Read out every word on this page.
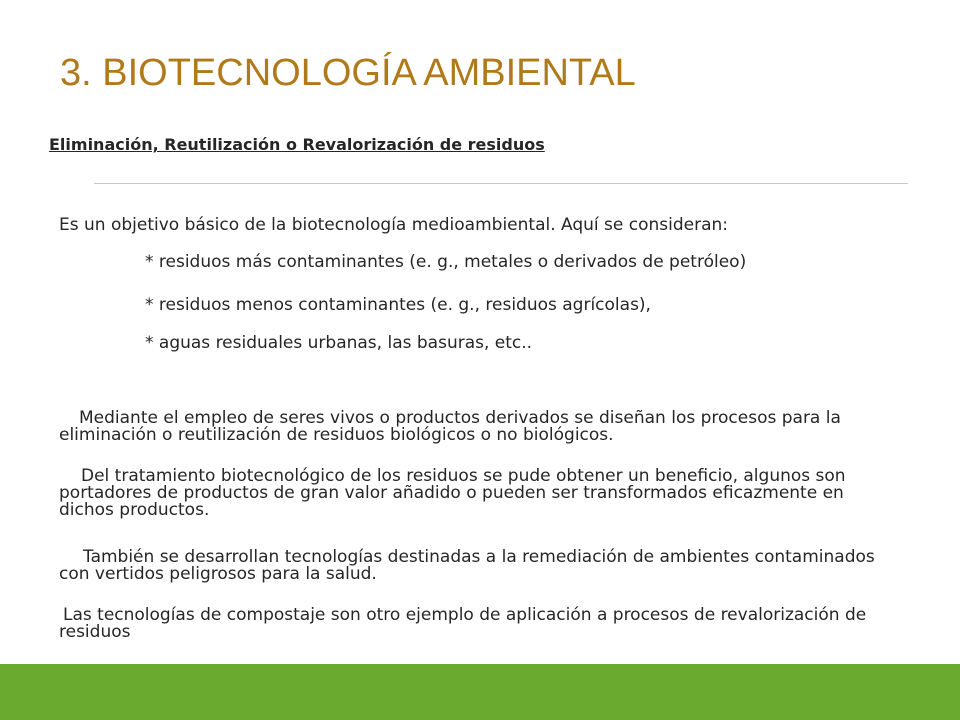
3. BIOTECNOLOGÍA AMBIENTAL
Eliminación, Reutilización o Revalorización de residuos
Es un objetivo básico de la biotecnología medioambiental. Aquí se consideran:
* residuos más contaminantes (e. g., metales o derivados de petróleo)
* residuos menos contaminantes (e. g., residuos agrícolas),
* aguas residuales urbanas, las basuras, etc..
Mediante el empleo de seres vivos o productos derivados se diseñan los procesos para la eliminación o reutilización de residuos biológicos o no biológicos.
Del tratamiento biotecnológico de los residuos se pude obtener un beneficio, algunos son portadores de productos de gran valor añadido o pueden ser transformados eficazmente en dichos productos.
También se desarrollan tecnologías destinadas a la remediación de ambientes contaminados con vertidos peligrosos para la salud.
Las tecnologías de compostaje son otro ejemplo de aplicación a procesos de revalorización de residuos
